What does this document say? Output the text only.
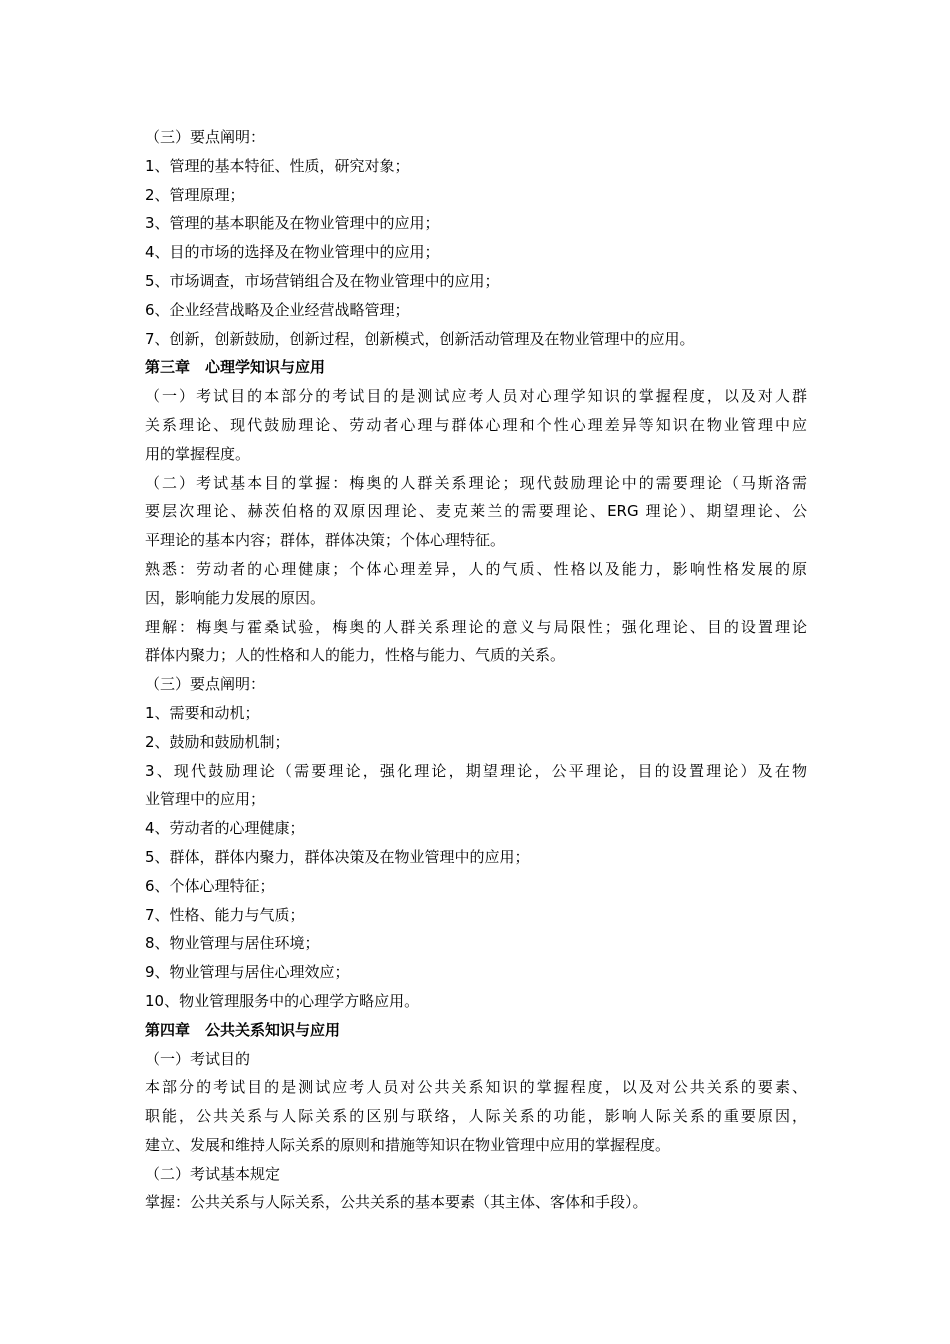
（三）要点阐明：
1、管理的基本特征、性质，研究对象；
2、管理原理；
3、管理的基本职能及在物业管理中的应用；
4、目的市场的选择及在物业管理中的应用；
5、市场调查，市场营销组合及在物业管理中的应用；
6、企业经营战略及企业经营战略管理；
7、创新，创新鼓励，创新过程，创新模式，创新活动管理及在物业管理中的应用。
第三章　心理学知识与应用
（一）考试目的本部分的考试目的是测试应考人员对心理学知识的掌握程度，以及对人群
关系理论、现代鼓励理论、劳动者心理与群体心理和个性心理差异等知识在物业管理中应
用的掌握程度。
（二）考试基本目的掌握：梅奥的人群关系理论；现代鼓励理论中的需要理论（马斯洛需
要层次理论、赫茨伯格的双原因理论、麦克莱兰的需要理论、ERG 理论）、期望理论、公
平理论的基本内容；群体，群体决策；个体心理特征。
熟悉：劳动者的心理健康；个体心理差异，人的气质、性格以及能力，影响性格发展的原
因，影响能力发展的原因。
理解：梅奥与霍桑试验，梅奥的人群关系理论的意义与局限性；强化理论、目的设置理论
群体内聚力；人的性格和人的能力，性格与能力、气质的关系。
（三）要点阐明：
1、需要和动机；
2、鼓励和鼓励机制；
3、现代鼓励理论（需要理论，强化理论，期望理论，公平理论，目的设置理论）及在物
业管理中的应用；
4、劳动者的心理健康；
5、群体，群体内聚力，群体决策及在物业管理中的应用；
6、个体心理特征；
7、性格、能力与气质；
8、物业管理与居住环境；
9、物业管理与居住心理效应；
10、物业管理服务中的心理学方略应用。
第四章　公共关系知识与应用
（一）考试目的
本部分的考试目的是测试应考人员对公共关系知识的掌握程度，以及对公共关系的要素、
职能，公共关系与人际关系的区别与联络，人际关系的功能，影响人际关系的重要原因，
建立、发展和维持人际关系的原则和措施等知识在物业管理中应用的掌握程度。
（二）考试基本规定
掌握：公共关系与人际关系，公共关系的基本要素（其主体、客体和手段）。
